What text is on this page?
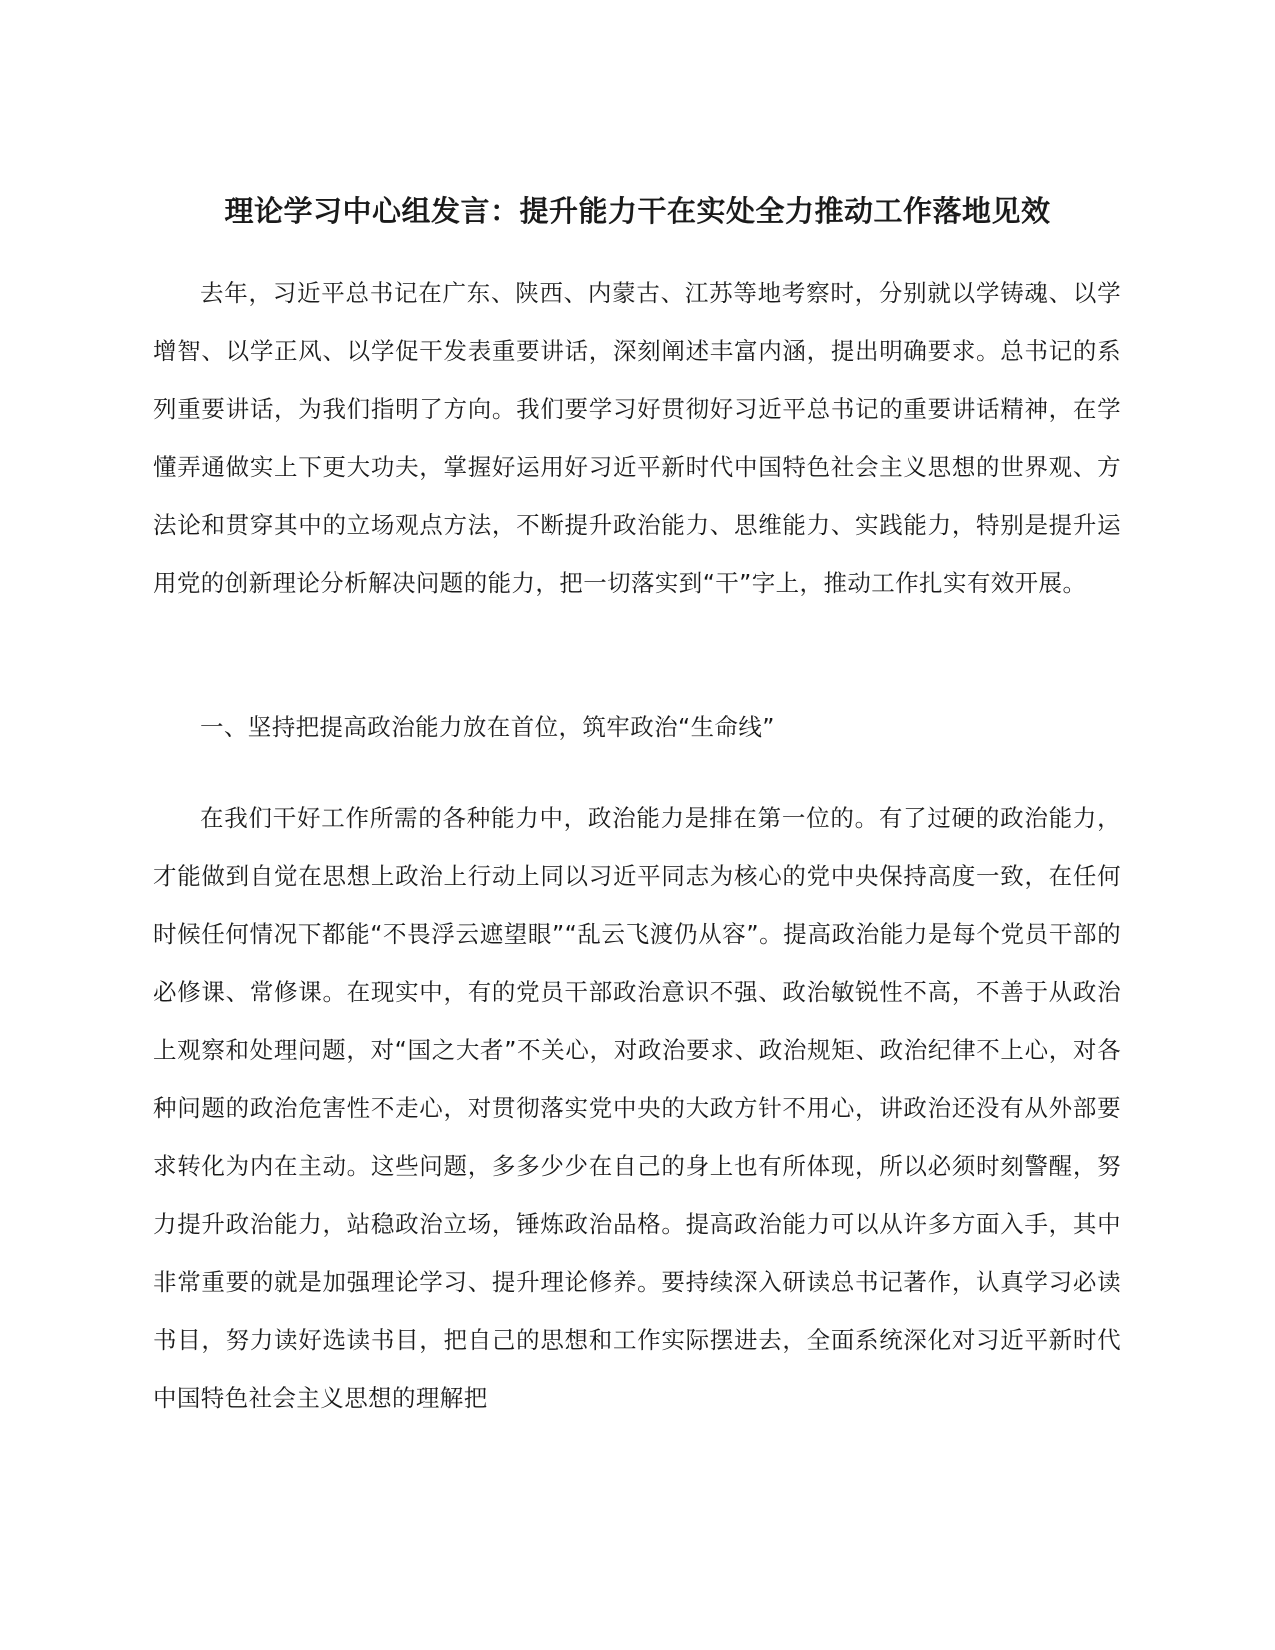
理论学习中心组发言：提升能力干在实处全力推动工作落地见效

去年，习近平总书记在广东、陕西、内蒙古、江苏等地考察时，分别就以学铸魂、以学增智、以学正风、以学促干发表重要讲话，深刻阐述丰富内涵，提出明确要求。总书记的系列重要讲话，为我们指明了方向。我们要学习好贯彻好习近平总书记的重要讲话精神，在学懂弄通做实上下更大功夫，掌握好运用好习近平新时代中国特色社会主义思想的世界观、方法论和贯穿其中的立场观点方法，不断提升政治能力、思维能力、实践能力，特别是提升运用党的创新理论分析解决问题的能力，把一切落实到“干”字上，推动工作扎实有效开展。

一、坚持把提高政治能力放在首位，筑牢政治“生命线”

在我们干好工作所需的各种能力中，政治能力是排在第一位的。有了过硬的政治能力，才能做到自觉在思想上政治上行动上同以习近平同志为核心的党中央保持高度一致，在任何时候任何情况下都能“不畏浮云遮望眼”“乱云飞渡仍从容”。提高政治能力是每个党员干部的必修课、常修课。在现实中，有的党员干部政治意识不强、政治敏锐性不高，不善于从政治上观察和处理问题，对“国之大者”不关心，对政治要求、政治规矩、政治纪律不上心，对各种问题的政治危害性不走心，对贯彻落实党中央的大政方针不用心，讲政治还没有从外部要求转化为内在主动。这些问题，多多少少在自己的身上也有所体现，所以必须时刻警醒，努力提升政治能力，站稳政治立场，锤炼政治品格。提高政治能力可以从许多方面入手，其中非常重要的就是加强理论学习、提升理论修养。要持续深入研读总书记著作，认真学习必读书目，努力读好选读书目，把自己的思想和工作实际摆进去，全面系统深化对习近平新时代中国特色社会主义思想的理解把
